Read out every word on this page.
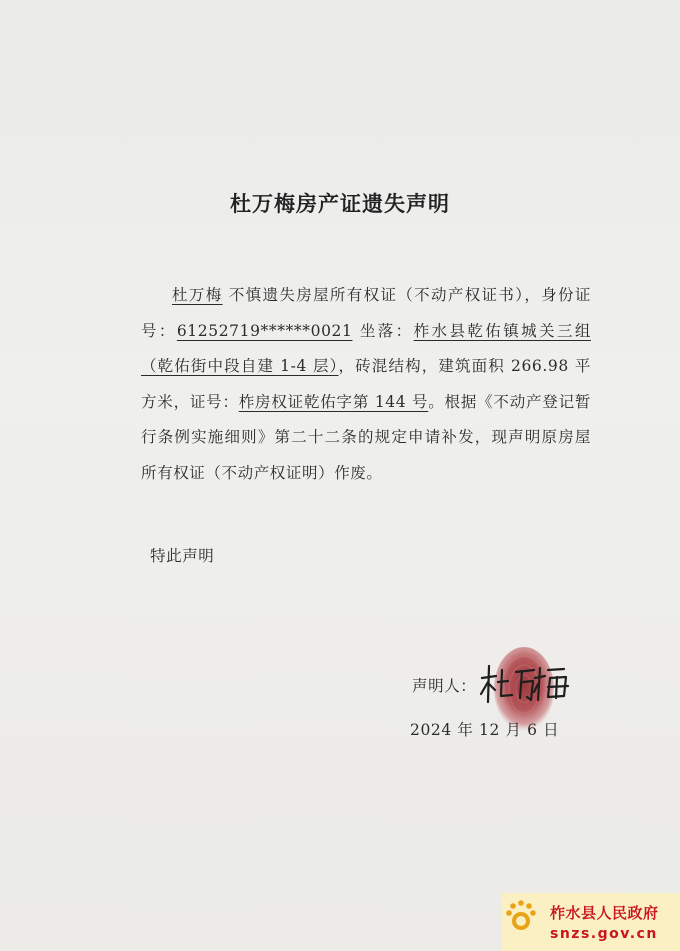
杜万梅房产证遗失声明

杜万梅 不慎遗失房屋所有权证（不动产权证书），身份证号：61252719******0021 坐落：柞水县乾佑镇城关三组（乾佑街中段自建 1-4 层），砖混结构，建筑面积 266.98 平方米，证号：柞房权证乾佑字第 144 号。根据《不动产登记暂行条例实施细则》第二十二条的规定申请补发，现声明原房屋所有权证（不动产权证明）作废。

特此声明
声明人：
2024 年 12 月 6 日
柞水县人民政府
snzs.gov.cn
